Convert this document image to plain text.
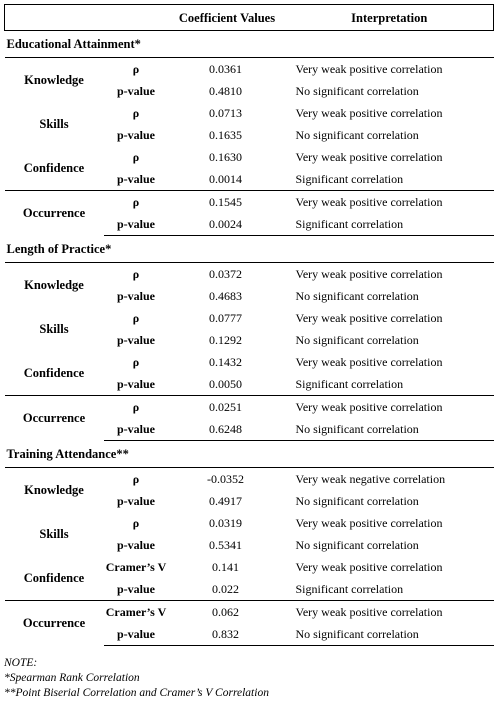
		Coefficient Values	Interpretation
Educational Attainment*			
Knowledge	ρ	0.0361	Very weak positive correlation
	p-value	0.4810	No significant correlation
Skills	ρ	0.0713	Very weak positive correlation
	p-value	0.1635	No significant correlation
Confidence	ρ	0.1630	Very weak positive correlation
	p-value	0.0014	Significant correlation
Occurrence	ρ	0.1545	Very weak positive correlation
	p-value	0.0024	Significant correlation
Length of Practice*			
Knowledge	ρ	0.0372	Very weak positive correlation
	p-value	0.4683	No significant correlation
Skills	ρ	0.0777	Very weak positive correlation
	p-value	0.1292	No significant correlation
Confidence	ρ	0.1432	Very weak positive correlation
	p-value	0.0050	Significant correlation
Occurrence	ρ	0.0251	Very weak positive correlation
	p-value	0.6248	No significant correlation
Training Attendance**			
Knowledge	ρ	-0.0352	Very weak negative correlation
	p-value	0.4917	No significant correlation
Skills	ρ	0.0319	Very weak positive correlation
	p-value	0.5341	No significant correlation
Confidence	Cramer’s V	0.141	Very weak positive correlation
	p-value	0.022	Significant correlation
Occurrence	Cramer’s V	0.062	Very weak positive correlation
	p-value	0.832	No significant correlation
NOTE:
*Spearman Rank Correlation
**Point Biserial Correlation and Cramer’s V Correlation
